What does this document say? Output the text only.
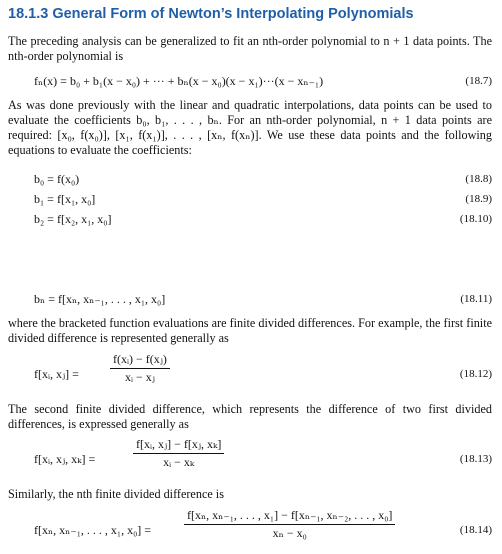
18.1.3 General Form of Newton’s Interpolating Polynomials

The preceding analysis can be generalized to fit an nth-order polynomial to n + 1 data points. The nth-order polynomial is

fₙ(x) = b₀ + b₁(x − x₀) + ··· + bₙ(x − x₀)(x − x₁)···(x − xₙ₋₁)	(18.7)

As was done previously with the linear and quadratic interpolations, data points can be used to evaluate the coefficients b₀, b₁, . . . , bₙ. For an nth-order polynomial, n + 1 data points are required: [x₀, f(x₀)], [x₁, f(x₁)], . . . , [xₙ, f(xₙ)]. We use these data points and the following equations to evaluate the coefficients:

b₀ = f(x₀)	(18.8)
b₁ = f[x₁, x₀]	(18.9)
b₂ = f[x₂, x₁, x₀]	(18.10)
bₙ = f[xₙ, xₙ₋₁, . . . , x₁, x₀]	(18.11)

where the bracketed function evaluations are finite divided differences. For example, the first finite divided difference is represented generally as

f[xᵢ, xⱼ] =	$\frac{\text{f(xᵢ) − f(xⱼ)}}{\text{xᵢ − xⱼ}}$	(18.12)

The second finite divided difference, which represents the difference of two first divided differences, is expressed generally as

f[xᵢ, xⱼ, xₖ] =	$\frac{\text{f[xᵢ, xⱼ] − f[xⱼ, xₖ]}}{\text{xᵢ − xₖ}}$	(18.13)

Similarly, the nth finite divided difference is

f[xₙ, xₙ₋₁, . . . , x₁, x₀] =	$\frac{\text{f[xₙ, xₙ₋₁, . . . , x₁] − f[xₙ₋₁, xₙ₋₂, . . . , x₀]}}{\text{xₙ − x₀}}$	(18.14)
